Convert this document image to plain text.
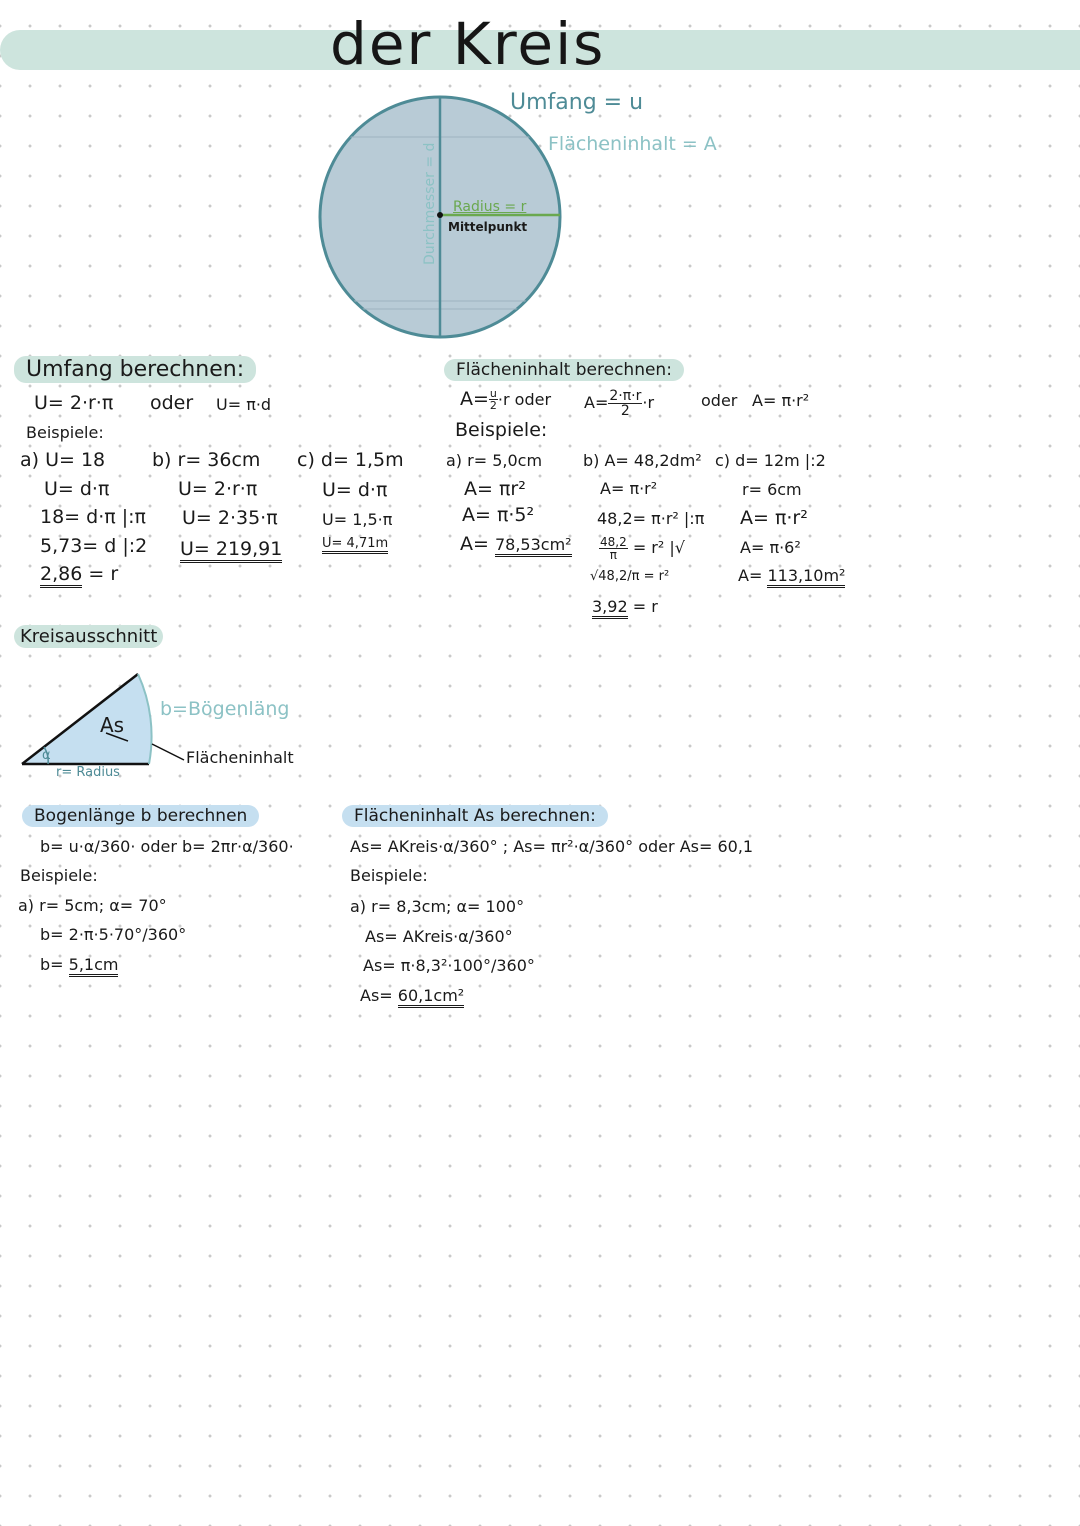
der Kreis
Umfang = u
Flächeninhalt = A
Durchmesser = d Radius = r
Mittelpunkt
Umfang berechnen:
U= 2·r·π oder U= π·d
Beispiele:
a) U= 18
U= d·π
18= d·π |:π
5,73= d |:2
2,86 = r
b) r= 36cm
U= 2·r·π
U= 2·35·π
U= 219,91
c) d= 1,5m
U= d·π
U= 1,5·π
U= 4,71m
Flächeninhalt berechnen:
$A= \frac{u}{2} \cdot r$ oder $A= \frac{2\cdot\pi\cdot r}{2} \cdot r$	oder A= π·r²
Beispiele:
a) r= 5,0cm
A= πr²
A= π·5²
A= 78,53cm²
b) A= 48,2dm²
A= π·r²
48,2= π·r² |:π
$\frac{48,2}{\pi} = r^2$ |√
√48,2/π = r²
3,92 = r
c) d= 12m |:2
r= 6cm
A= π·r²
A= π·6²
A= 113,10m²
Kreisausschnitt
As
α
b=Bögenläng
Flächeninhalt
r= Radius
Bogenlänge b berechnen
b= u·α/360· oder b= 2πr·α/360·
Beispiele:
a) r= 5cm; α= 70°
b= 2·π·5·70°/360°
b= 5,1cm
Flächeninhalt As berechnen:
As= AKreis·α/360° ; As= πr²·α/360° oder As= 60,1
Beispiele:
a) r= 8,3cm; α= 100°
As= AKreis·α/360°
As= π·8,3²·100°/360°
As= 60,1cm²
